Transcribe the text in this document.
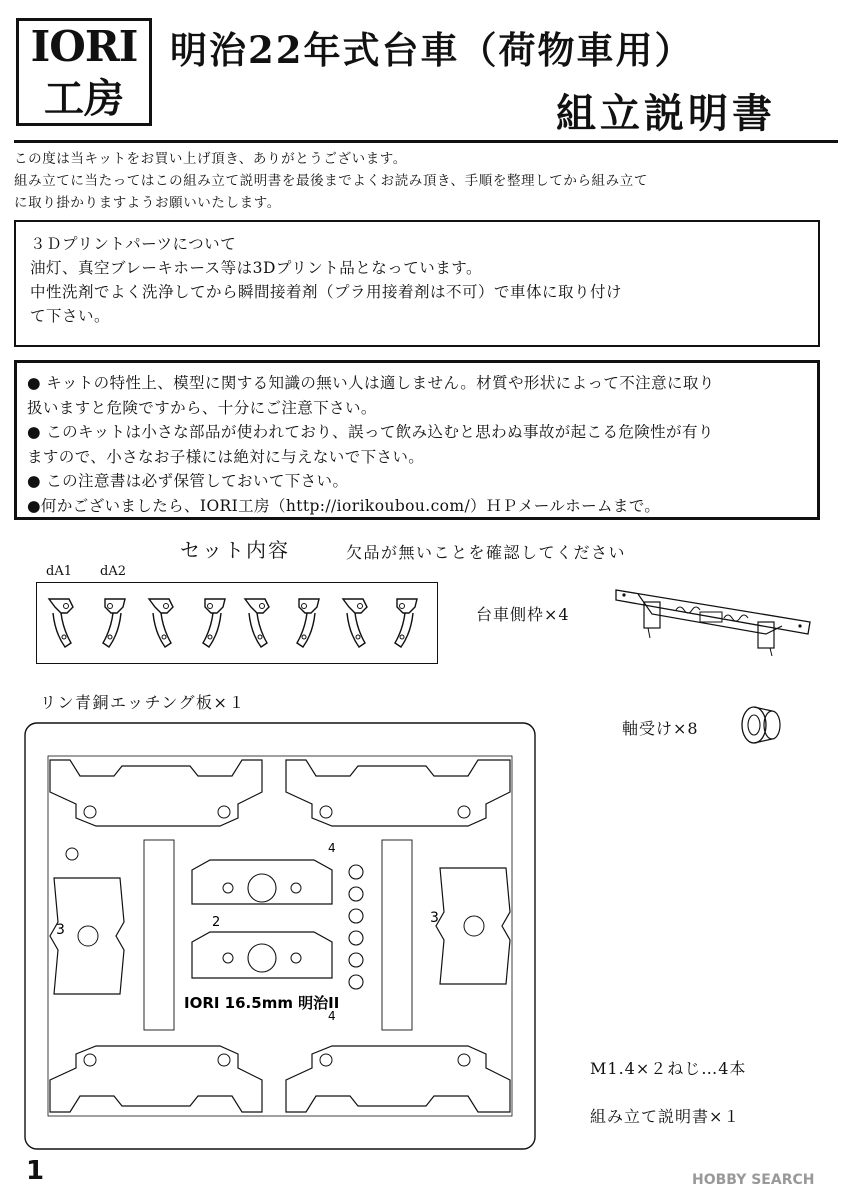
IORI
工房
明治22年式台車（荷物車用）
組立説明書
この度は当キットをお買い上げ頂き、ありがとうございます。
組み立てに当たってはこの組み立て説明書を最後までよくお読み頂き、手順を整理してから組み立て
に取り掛かりますようお願いいたします。
３Ｄプリントパーツについて
油灯、真空ブレーキホース等は3Dプリント品となっています。
中性洗剤でよく洗浄してから瞬間接着剤（プラ用接着剤は不可）で車体に取り付け
て下さい。
● キットの特性上、模型に関する知識の無い人は適しません。材質や形状によって不注意に取り
扱いますと危険ですから、十分にご注意下さい。
● このキットは小さな部品が使われており、誤って飲み込むと思わぬ事故が起こる危険性が有り
ますので、小さなお子様には絶対に与えないで下さい。
● この注意書は必ず保管しておいて下さい。
●何かございましたら、IORI工房（http://iorikoubou.com/）ＨＰメールホームまで。
セット内容	欠品が無いことを確認してください
dA1 dA2
台車側枠×4
リン青銅エッチング板×１
軸受け×8
2
3
3
4
4
IORI 16.5mm 明治II
M1.4×２ねじ…4本
組み立て説明書×１
1	HOBBY SEARCH
